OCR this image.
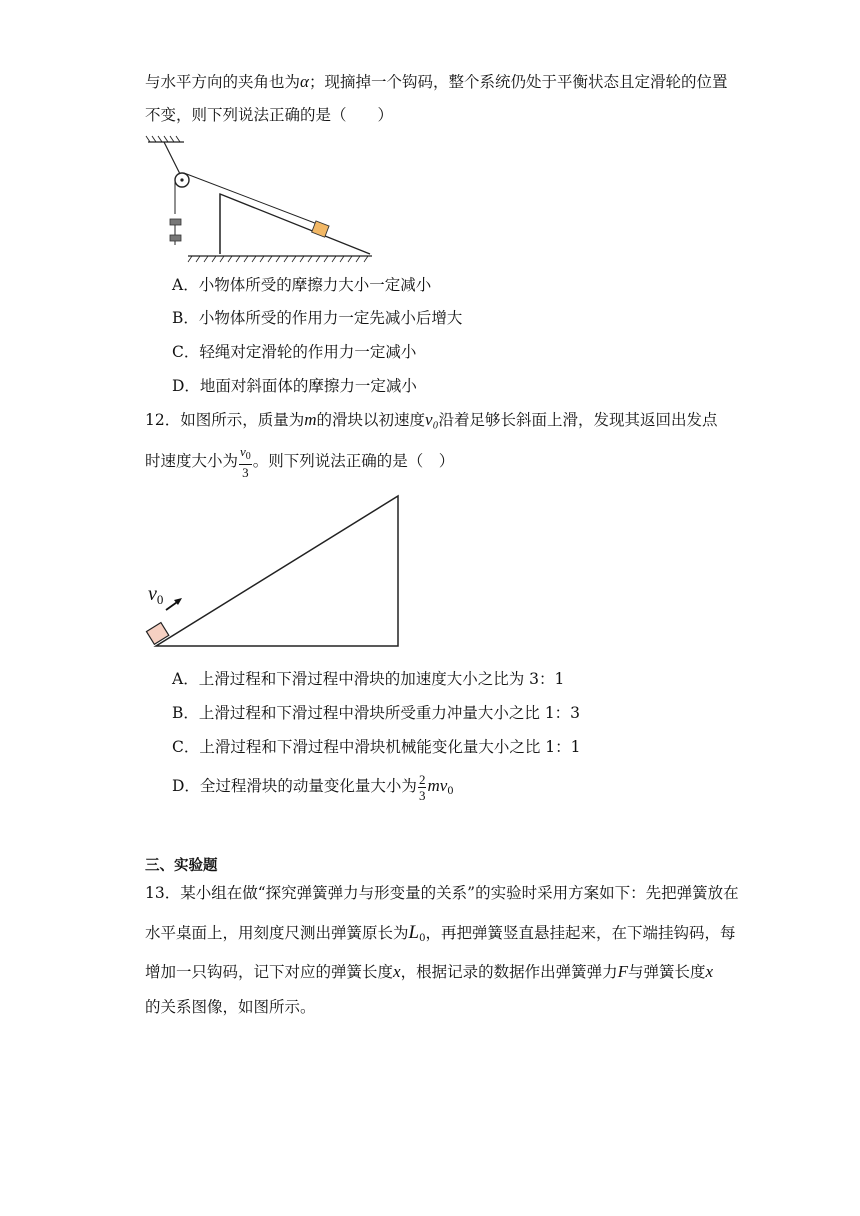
与水平方向的夹角也为α；现摘掉一个钩码，整个系统仍处于平衡状态且定滑轮的位置
不变，则下列说法正确的是（　　）
A．小物体所受的摩擦力大小一定减小
B．小物体所受的作用力一定先减小后增大
C．轻绳对定滑轮的作用力一定减小
D．地面对斜面体的摩擦力一定减小
12．如图所示，质量为m的滑块以初速度v₀沿着足够长斜面上滑，发现其返回出发点
时速度大小为 $\frac{v_0}{3}$ 。则下列说法正确的是（　）
$v_0$
A．上滑过程和下滑过程中滑块的加速度大小之比为 3：1
B．上滑过程和下滑过程中滑块所受重力冲量大小之比 1：3
C．上滑过程和下滑过程中滑块机械能变化量大小之比 1：1
D．全过程滑块的动量变化量大小为 $\frac{2}{3} mv_0$
三、实验题
13．某小组在做“探究弹簧弹力与形变量的关系”的实验时采用方案如下：先把弹簧放在
水平桌面上，用刻度尺测出弹簧原长为$L_0$，再把弹簧竖直悬挂起来，在下端挂钩码，每
增加一只钩码，记下对应的弹簧长度x，根据记录的数据作出弹簧弹力F与弹簧长度x
的关系图像，如图所示。
